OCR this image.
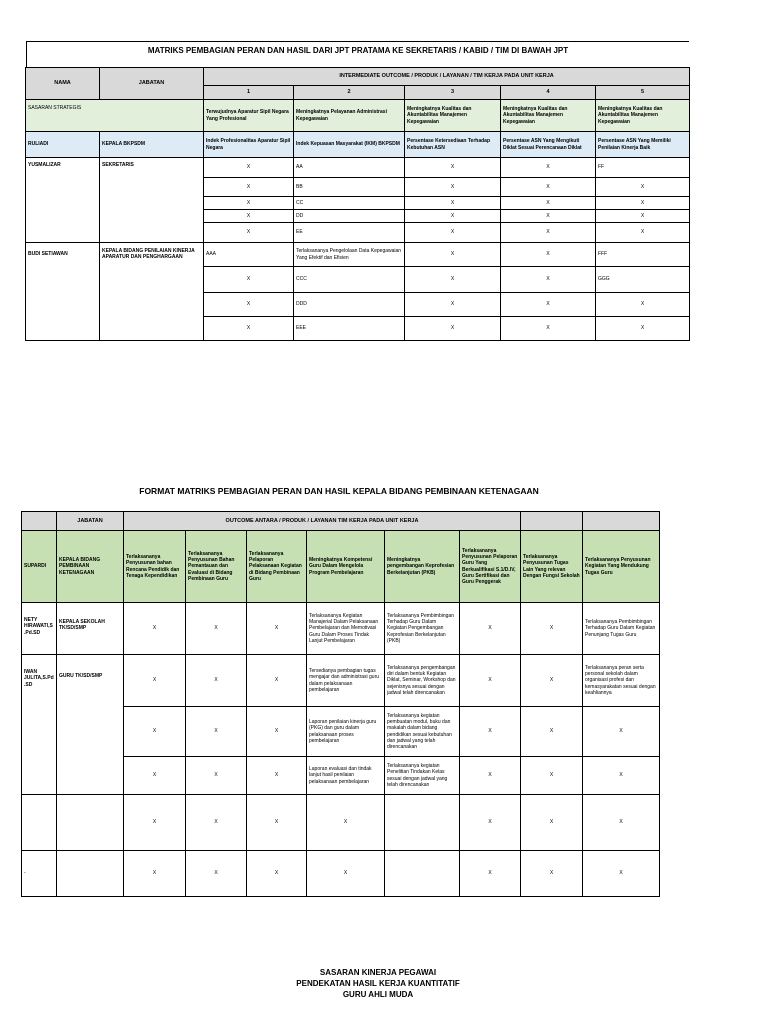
MATRIKS PEMBAGIAN PERAN DAN HASIL DARI JPT PRATAMA KE SEKRETARIS / KABID / TIM DI BAWAH JPT
NAMA	JABATAN	INTERMEDIATE OUTCOME / PRODUK / LAYANAN / TIM KERJA PADA UNIT KERJA				
		1	2	3	4	5
SASARAN STRATEGIS		Terwujudnya Aparatur Sipil Negara Yang Profesional	Meningkatnya Pelayanan Administrasi Kepegawaian	Meningkatnya Kualitas dan Akuntabilitas Manajemen Kepegawaian	Meningkatnya Kualitas dan Akuntabilitas Manajemen Kepegawaian	Meningkatnya Kualitas dan Akuntabilitas Manajemen Kepegawaian
RULIADI	KEPALA BKPSDM	Indek Profesionalitas Aparatur Sipil Negara	Indek Kepuasan Masyarakat (IKM) BKPSDM	Persentase Ketersediaan Terhadap Kebutuhan ASN	Persentase ASN Yang Mengikuti Diklat Sesuai Perencanaan Diklat	Persentase ASN Yang Memiliki Penilaian Kinerja Baik
YUSMALIZAR	SEKRETARIS	X	AA	X	X	FF
		X	BB	X	X	X
		X	CC	X	X	X
		X	DD	X	X	X
		X	EE	X	X	X
BUDI SETIAWAN	KEPALA BIDANG PENILAIAN KINERJA APARATUR DAN PENGHARGAAN	AAA	Terlaksananya Pengelolaan Data Kepegawaian Yang Efektif dan Efisien	X	X	FFF
		X	CCC	X	X	GGG
		X	DDD	X	X	X
		X	EEE	X	X	X
FORMAT MATRIKS PEMBAGIAN PERAN DAN HASIL KEPALA BIDANG PEMBINAAN KETENAGAAN
	JABATAN	OUTCOME ANTARA / PRODUK / LAYANAN TIM KERJA PADA UNIT KERJA							
SUPARDI	KEPALA BIDANG PEMBINAAN KETENAGAAN	Terlaksananya Penyusunan bahan Rencana Pendidik dan Tenaga Kependidikan	Terlaksananya Penyusunan Bahan Pemantauan dan Evaluasi di Bidang Pembinaan Guru	Terlaksananya Pelaporan Pelaksanaan Kegiatan di Bidang Pembinaan Guru	Meningkatnya Kompetensi Guru Dalam Mengelola Program Pembelajaran	Meningkatnya pengembangan Keprofesian Berkelanjutan (PKB)	Terlaksananya Penyusunan Pelaporan Guru Yang Berkualifikasi S.1/D.IV, Guru Sertifikasi dan Guru Penggerak	Terlaksananya Penyusunan Tugas Lain Yang relevan Dengan Fungsi Sekolah	Terlaksananya Penyusunan Kegiatan Yang Mendukung Tugas Guru
NETY HIRAWATI,S.Pd.SD	KEPALA SEKOLAH TK/SD/SMP	X	X	X	Terlaksananya Kegiatan Manajerial Dalam Pelaksanaan Pembelajaran dan Memotivasi Guru Dalam Proses Tindak Lanjut Pembelajaran	Terlaksananya Pembimbingan Terhadap Guru Dalam Kegiatan Pengembangan Keprofesian Berkelanjutan (PKB)	X	X	Terlaksananya Pembimbingan Terhadap Guru Dalam Kegiatan Penunjang Tugas Guru
IWAN JULITA,S.Pd.SD	GURU TK/SD/SMP	X	X	X	Tersedianya pembagian tugas mengajar dan administrasi guru dalam pelaksanaan pembelajaran	Terlaksananya pengembangan diri dalam bentuk Kegiatan Diklat, Seminar, Workshop dan sejenisnya sesuai dengan jadwal telah direncanakan	X	X	Terlaksananya peran serta personal sekolah dalam organisasi profesi dan kemasyarakatan sesuai dengan keahliannya
		X	X	X	Laporan penilaian kinerja guru (PKG) dan guru dalam pelaksanaan proses pembelajaran	Terlaksananya kegiatan pembuatan modul, buku dan makalah dalam bidang pendidikan sesuai kebutuhan dan jadwal yang telah direncanakan	X	X	X
		X	X	X	Laporan evaluasi dan tindak lanjut hasil penilaian pelaksanaan pembelajaran	Terlaksananya kegiatan Penelitian Tindakan Kelas sesuai dengan jadwal yang telah direncanakan	X	X	X
		X	X	X	X		X	X	X
-		X	X	X	X		X	X	X
SASARAN KINERJA PEGAWAI
PENDEKATAN HASIL KERJA KUANTITATIF
GURU AHLI MUDA
